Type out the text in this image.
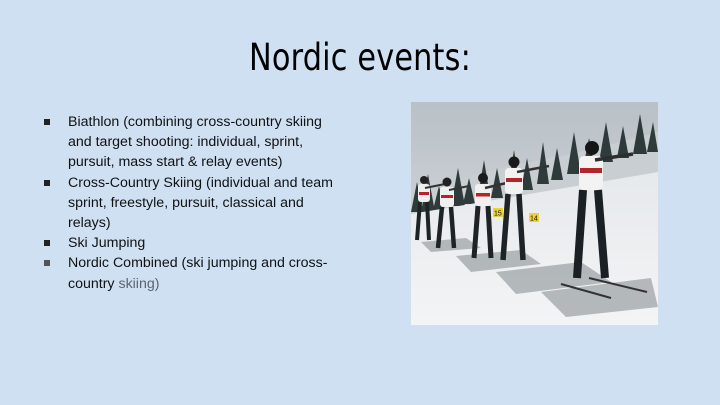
Nordic events:
Biathlon (combining cross-country skiing and target shooting: individual, sprint, pursuit, mass start & relay events)
Cross-Country Skiing (individual and team sprint, freestyle, pursuit, classical and relays)
Ski Jumping
Nordic Combined (ski jumping and cross-country skiing)
15
14
